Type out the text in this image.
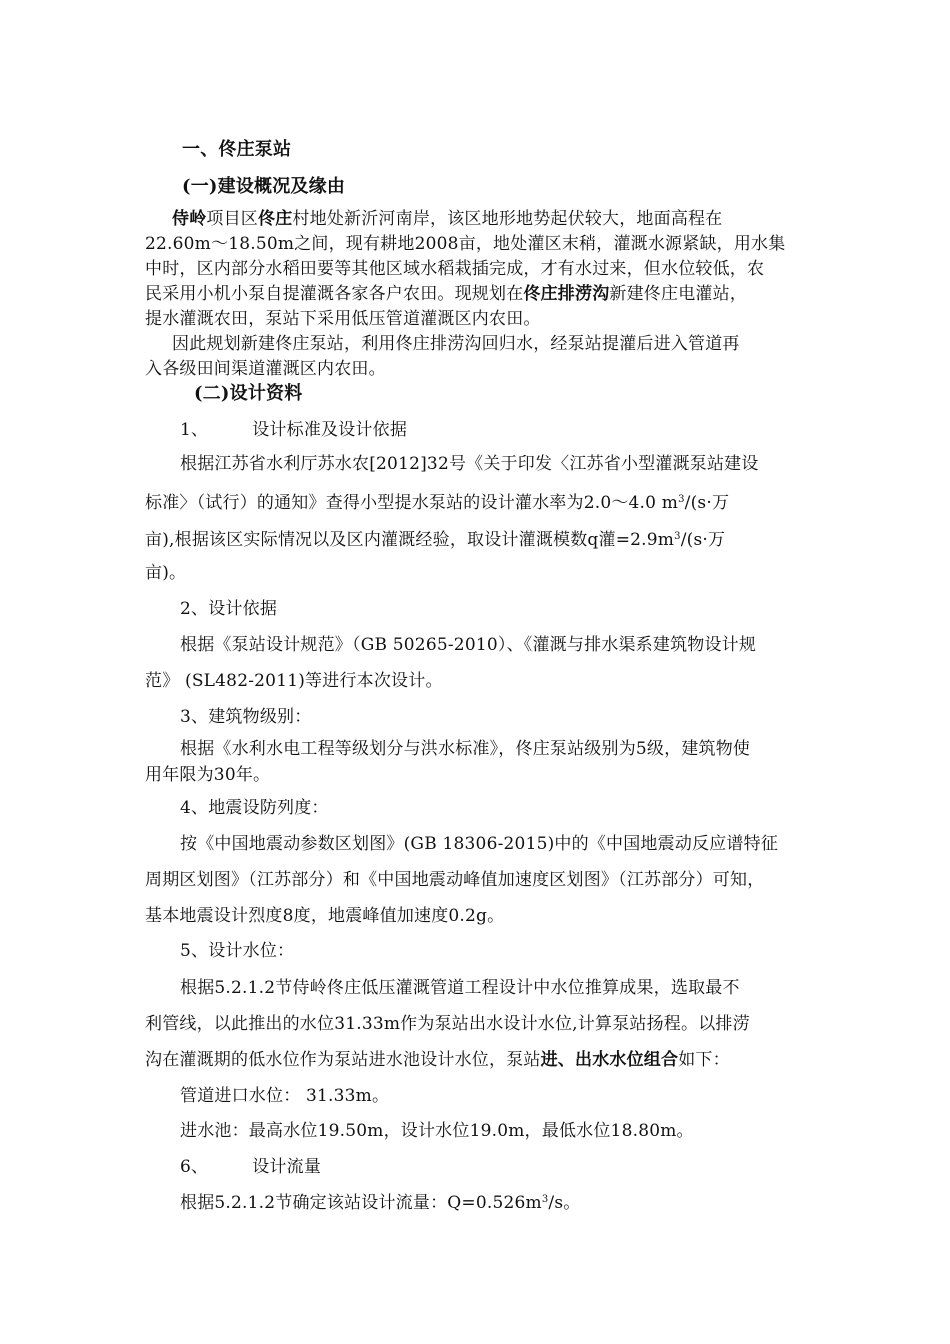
一、佟庄泵站
(一)建设概况及缘由
侍岭项目区佟庄村地处新沂河南岸，该区地形地势起伏较大，地面高程在
22.60m～18.50m之间，现有耕地2008亩，地处灌区末稍，灌溉水源紧缺，用水集
中时，区内部分水稻田要等其他区域水稻栽插完成，才有水过来，但水位较低，农
民采用小机小泵自提灌溉各家各户农田。现规划在佟庄排涝沟新建佟庄电灌站，
提水灌溉农田，泵站下采用低压管道灌溉区内农田。
因此规划新建佟庄泵站，利用佟庄排涝沟回归水，经泵站提灌后进入管道再
入各级田间渠道灌溉区内农田。
(二)设计资料
1、	设计标准及设计依据
根据江苏省水利厅苏水农[2012]32号《关于印发〈江苏省小型灌溉泵站建设
标准〉（试行）的通知》查得小型提水泵站的设计灌水率为2.0～4.0 $m^3/(s\cdot$万
亩),根据该区实际情况以及区内灌溉经验，取设计灌溉模数q灌$=2.9m^3/(s\cdot$万
亩)。
2、设计依据
根据《泵站设计规范》（GB 50265-2010）、《灌溉与排水渠系建筑物设计规
范》 (SL482-2011)等进行本次设计。
3、建筑物级别：
根据《水利水电工程等级划分与洪水标准》，佟庄泵站级别为5级，建筑物使
用年限为30年。
4、地震设防列度：
按《中国地震动参数区划图》(GB 18306-2015)中的《中国地震动反应谱特征
周期区划图》（江苏部分）和《中国地震动峰值加速度区划图》（江苏部分）可知，
基本地震设计烈度8度，地震峰值加速度0.2g。
5、设计水位：
根据5.2.1.2节侍岭佟庄低压灌溉管道工程设计中水位推算成果，选取最不
利管线，以此推出的水位31.33m作为泵站出水设计水位,计算泵站扬程。以排涝
沟在灌溉期的低水位作为泵站进水池设计水位，泵站进、出水水位组合如下：
管道进口水位： 31.33m。
进水池：最高水位19.50m，设计水位19.0m，最低水位18.80m。
6、	设计流量
根据5.2.1.2节确定该站设计流量：$Q=0.526m^3/s$。
